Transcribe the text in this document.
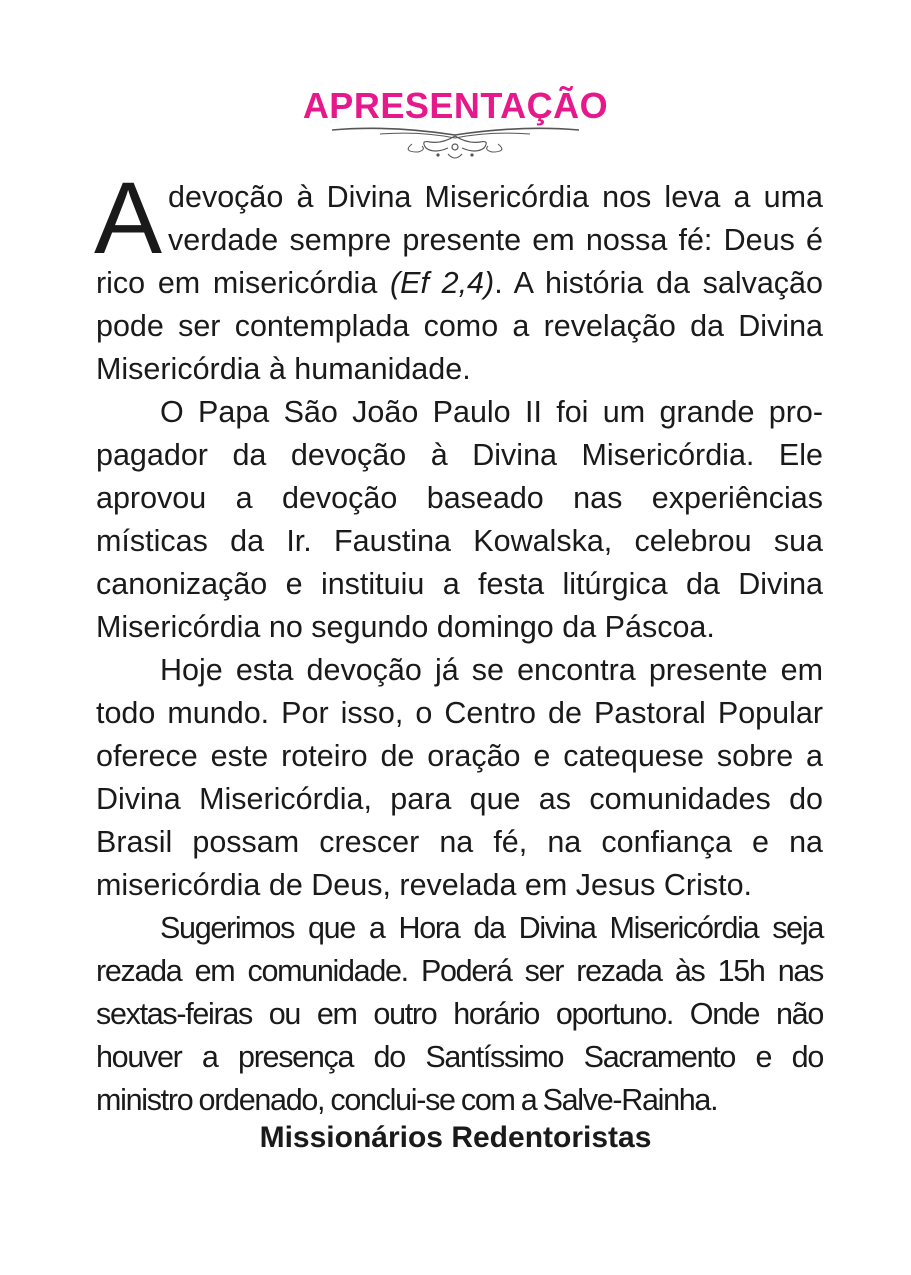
APRESENTAÇÃO

A devoção à Divina Misericórdia nos leva a uma verdade sempre presente em nossa fé: Deus é rico em misericórdia (Ef 2,4). A história da salvação pode ser contemplada como a revelação da Divina Misericórdia à humanidade.

O Papa São João Paulo II foi um grande propagador da devoção à Divina Misericórdia. Ele aprovou a devoção baseado nas experiências místicas da Ir. Faustina Kowalska, celebrou sua canonização e instituiu a festa litúrgica da Divina Misericórdia no segundo domingo da Páscoa.

Hoje esta devoção já se encontra presente em todo mundo. Por isso, o Centro de Pastoral Popular oferece este roteiro de oração e catequese sobre a Divina Misericórdia, para que as comunidades do Brasil possam crescer na fé, na confiança e na misericórdia de Deus, revelada em Jesus Cristo.

Sugerimos que a Hora da Divina Misericórdia seja rezada em comunidade. Poderá ser rezada às 15h nas sextas-feiras ou em outro horário oportuno. Onde não houver a presença do Santíssimo Sacramento e do ministro ordenado, conclui-se com a Salve-Rainha.

Missionários Redentoristas
